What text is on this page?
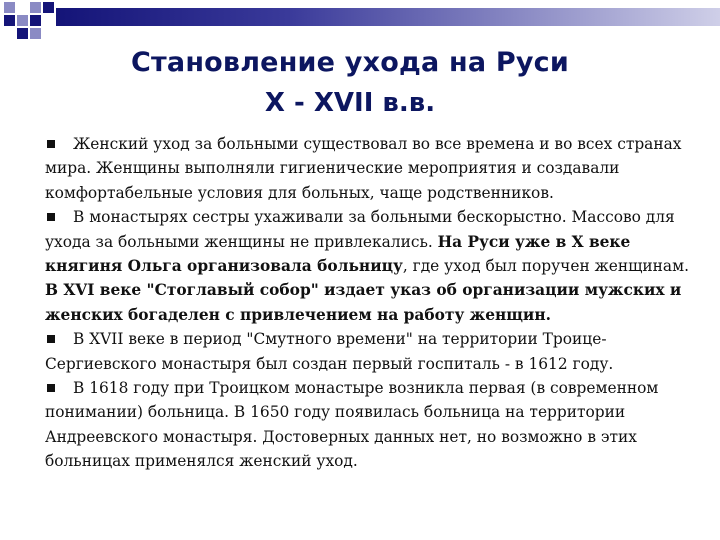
Становление ухода на Руси
X - XVII в.в.

Женский уход за больными существовал во все времена и во всех странах мира. Женщины выполняли гигиенические мероприятия и создавали комфортабельные условия для больных, чаще родственников.

В монастырях сестры ухаживали за больными бескорыстно. Массово для ухода за больными женщины не привлекались. На Руси уже в X веке княгиня Ольга организовала больницу, где уход был поручен женщинам. В XVI веке "Стоглавый собор" издает указ об организации мужских и женских богаделен с привлечением на работу женщин.

В XVII веке в период "Смутного времени" на территории Троице-Сергиевского монастыря был создан первый госпиталь - в 1612 году.

В 1618 году при Троицком монастыре возникла первая (в современном понимании) больница. В 1650 году появилась больница на территории Андреевского монастыря. Достоверных данных нет, но возможно в этих больницах применялся женский уход.
